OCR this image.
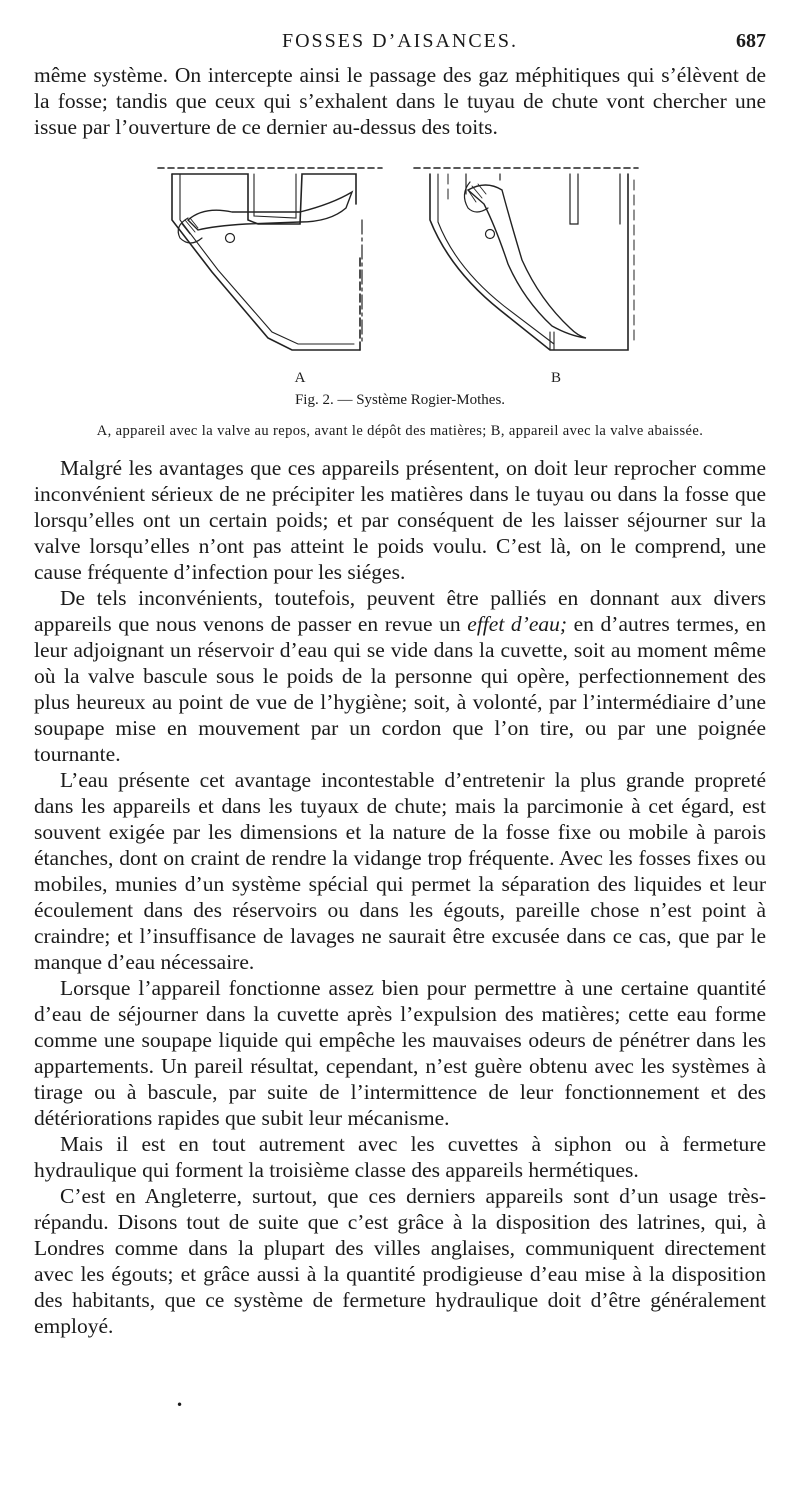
FOSSES D’AISANCES.	687
même système. On intercepte ainsi le passage des gaz méphitiques qui s’élèvent de la fosse; tandis que ceux qui s’exhalent dans le tuyau de chute vont chercher une issue par l’ouverture de ce dernier au-dessus des toits.
A	B
Fig. 2. — Système Rogier-Mothes.
A, appareil avec la valve au repos, avant le dépôt des matières; B, appareil avec la valve abaissée.

Malgré les avantages que ces appareils présentent, on doit leur reprocher comme inconvénient sérieux de ne précipiter les matières dans le tuyau ou dans la fosse que lorsqu’elles ont un certain poids; et par conséquent de les laisser séjourner sur la valve lorsqu’elles n’ont pas atteint le poids voulu. C’est là, on le comprend, une cause fréquente d’infection pour les siéges.

De tels inconvénients, toutefois, peuvent être palliés en donnant aux divers appareils que nous venons de passer en revue un effet d’eau; en d’autres termes, en leur adjoignant un réservoir d’eau qui se vide dans la cuvette, soit au moment même où la valve bascule sous le poids de la personne qui opère, perfectionnement des plus heureux au point de vue de l’hygiène; soit, à volonté, par l’intermédiaire d’une soupape mise en mouvement par un cordon que l’on tire, ou par une poignée tournante.

L’eau présente cet avantage incontestable d’entretenir la plus grande propreté dans les appareils et dans les tuyaux de chute; mais la parcimonie à cet égard, est souvent exigée par les dimensions et la nature de la fosse fixe ou mobile à parois étanches, dont on craint de rendre la vidange trop fréquente. Avec les fosses fixes ou mobiles, munies d’un système spécial qui permet la séparation des liquides et leur écoulement dans des réservoirs ou dans les égouts, pareille chose n’est point à craindre; et l’insuffisance de lavages ne saurait être excusée dans ce cas, que par le manque d’eau nécessaire.

Lorsque l’appareil fonctionne assez bien pour permettre à une certaine quantité d’eau de séjourner dans la cuvette après l’expulsion des matières; cette eau forme comme une soupape liquide qui empêche les mauvaises odeurs de pénétrer dans les appartements. Un pareil résultat, cependant, n’est guère obtenu avec les systèmes à tirage ou à bascule, par suite de l’intermittence de leur fonctionnement et des détériorations rapides que subit leur mécanisme.

Mais il est en tout autrement avec les cuvettes à siphon ou à fermeture hydraulique qui forment la troisième classe des appareils hermétiques.

C’est en Angleterre, surtout, que ces derniers appareils sont d’un usage très-répandu. Disons tout de suite que c’est grâce à la disposition des latrines, qui, à Londres comme dans la plupart des villes anglaises, communiquent directement avec les égouts; et grâce aussi à la quantité prodigieuse d’eau mise à la disposition des habitants, que ce système de fermeture hydraulique doit d’être généralement employé.

•
